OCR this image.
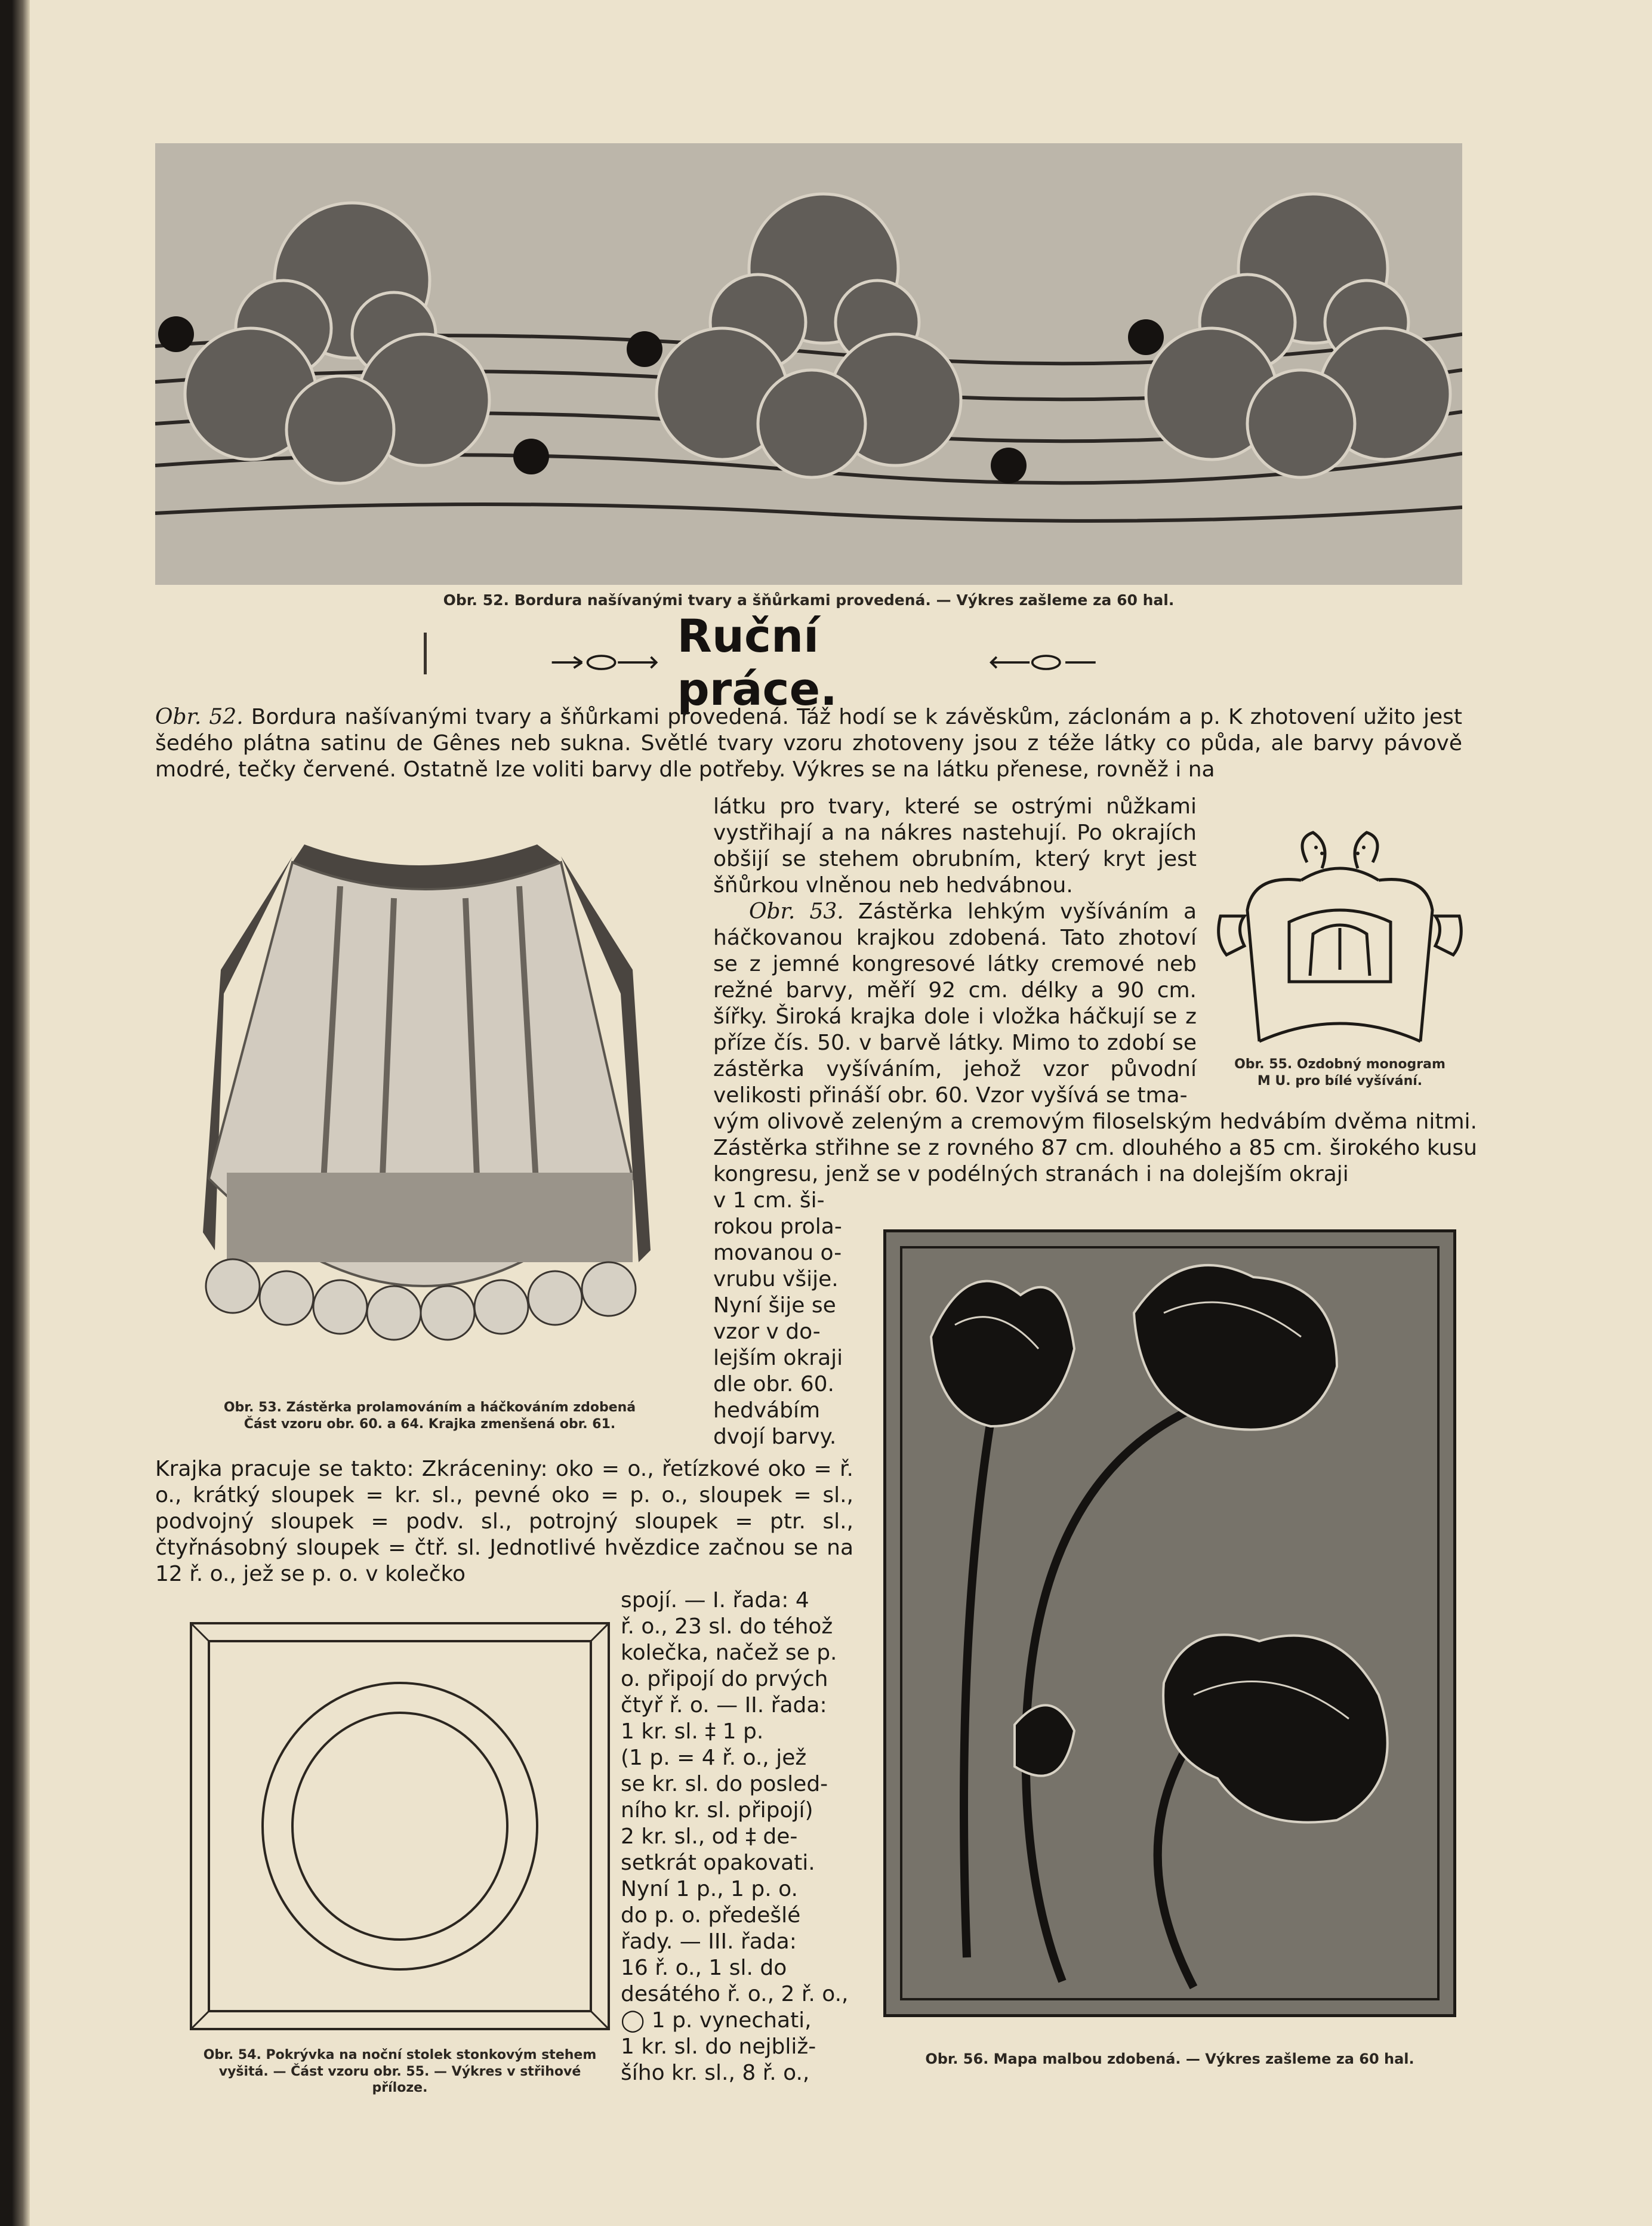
Obr. 52. Bordura našívanými tvary a šňůrkami provedená. — Výkres zašleme za 60 hal.
Ruční práce.

Obr. 52. Bordura našívanými tvary a šňůrkami provedená. Táž hodí se k závěskům, záclonám a p. K zhotovení užito jest šedého plátna satinu de Gênes neb sukna. Světlé tvary vzoru zhotoveny jsou z téže látky co půda, ale barvy pávově modré, tečky červené. Ostatně lze voliti barvy dle potřeby. Výkres se na látku přenese, rovněž i na

Obr. 53. Zástěrka prolamováním a háčkováním zdobená
Část vzoru obr. 60. a 64. Krajka zmenšená obr. 61.

látku pro tvary, které se ostrými nůžkami vystřihají a na nákres nastehují. Po okrajích obšijí se stehem obrubním, který kryt jest šňůrkou vlněnou neb hedvábnou.

Obr. 53. Zástěrka lehkým vyšíváním a háčkovanou krajkou zdobená. Tato zhotoví se z jemné kongresové látky cremové neb režné barvy, měří 92 cm. délky a 90 cm. šířky. Široká krajka dole i vložka háčkují se z příze čís. 50. v barvě látky. Mimo to zdobí se zástěrka vyšíváním, jehož vzor původní velikosti přináší obr. 60. Vzor vyšívá se tma-

Obr. 55. Ozdobný monogram
M U. pro bílé vyšívání.
vým olivově zeleným a cremovým filoselským hedvábím dvěma nitmi. Zástěrka střihne se z rovného 87 cm. dlouhého a 85 cm. širokého kusu kongresu, jenž se v podélných stranách i na dolejším okraji
v 1 cm. ši-
rokou prola-
movanou o-
vrubu všije.
Nyní šije se
vzor v do-
lejším okraji
dle obr. 60.
hedvábím
dvojí barvy.
Obr. 56. Mapa malbou zdobená. — Výkres zašleme za 60 hal.
Krajka pracuje se takto: Zkráceniny: oko = o., řetízkové oko = ř. o., krátký sloupek = kr. sl., pevné oko = p. o., sloupek = sl., podvojný sloupek = podv. sl., potrojný sloupek = ptr. sl., čtyřnásobný sloupek = čtř. sl. Jednotlivé hvězdice začnou se na 12 ř. o., jež se p. o. v kolečko
Obr. 54. Pokrývka na noční stolek stonkovým stehem
vyšitá. — Část vzoru obr. 55. — Výkres v střihové
příloze.
spojí. — I. řada: 4
ř. o., 23 sl. do téhož
kolečka, načež se p.
o. připojí do prvých
čtyř ř. o. — II. řada:
1 kr. sl. ‡ 1 p.
(1 p. = 4 ř. o., jež
se kr. sl. do posled-
ního kr. sl. připojí)
2 kr. sl., od ‡ de-
setkrát opakovati.
Nyní 1 p., 1 p. o.
do p. o. předešlé
řady. — III. řada:
16 ř. o., 1 sl. do
desátého ř. o., 2 ř. o.,
◯ 1 p. vynechati,
1 kr. sl. do nejbliž-
šího kr. sl., 8 ř. o.,
